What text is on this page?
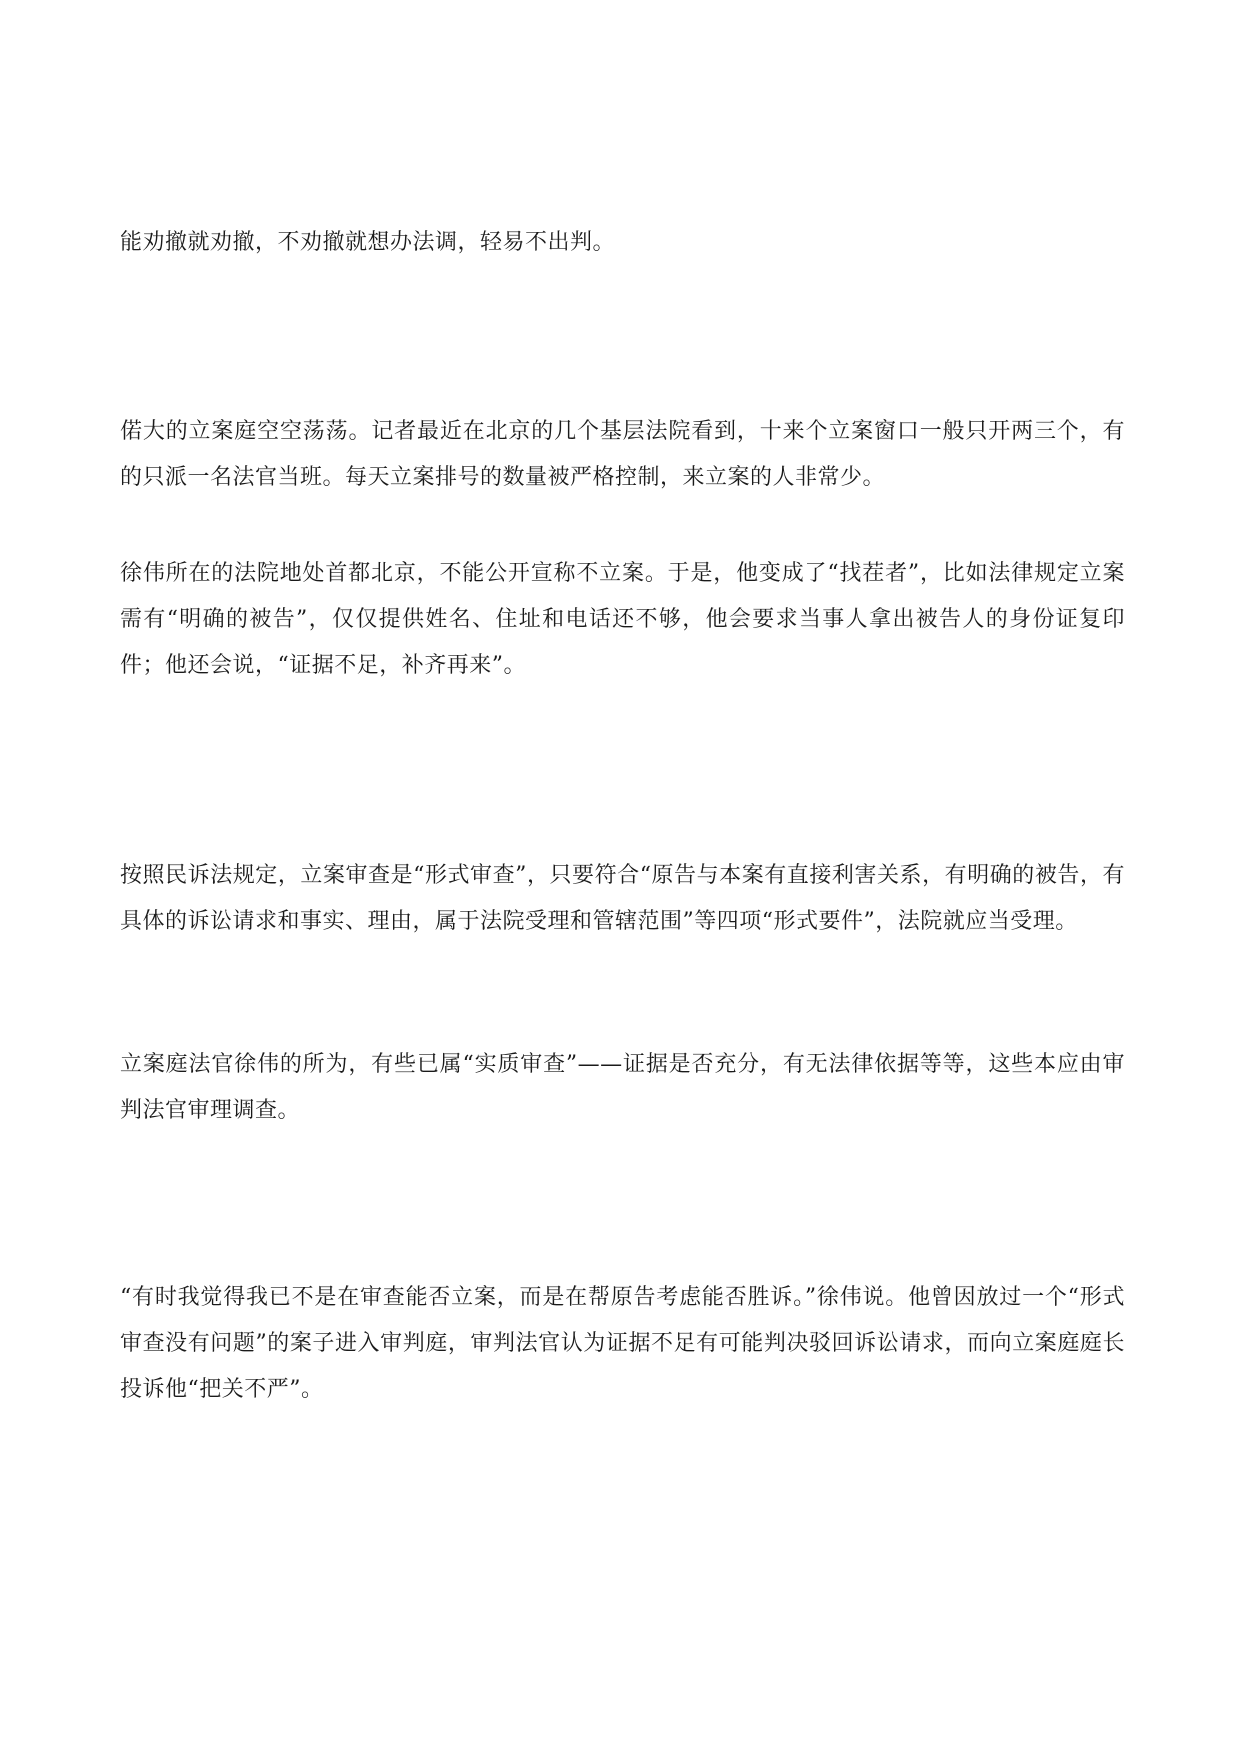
能劝撤就劝撤，不劝撤就想办法调，轻易不出判。

偌大的立案庭空空荡荡。记者最近在北京的几个基层法院看到，十来个立案窗口一般只开两三个，有的只派一名法官当班。每天立案排号的数量被严格控制，来立案的人非常少。

徐伟所在的法院地处首都北京，不能公开宣称不立案。于是，他变成了“找茬者”，比如法律规定立案需有“明确的被告”，仅仅提供姓名、住址和电话还不够，他会要求当事人拿出被告人的身份证复印件；他还会说，“证据不足，补齐再来”。

按照民诉法规定，立案审查是“形式审查”，只要符合“原告与本案有直接利害关系，有明确的被告，有具体的诉讼请求和事实、理由，属于法院受理和管辖范围”等四项“形式要件”，法院就应当受理。

立案庭法官徐伟的所为，有些已属“实质审查”——证据是否充分，有无法律依据等等，这些本应由审判法官审理调查。

“有时我觉得我已不是在审查能否立案，而是在帮原告考虑能否胜诉。”徐伟说。他曾因放过一个“形式审查没有问题”的案子进入审判庭，审判法官认为证据不足有可能判决驳回诉讼请求，而向立案庭庭长投诉他“把关不严”。
